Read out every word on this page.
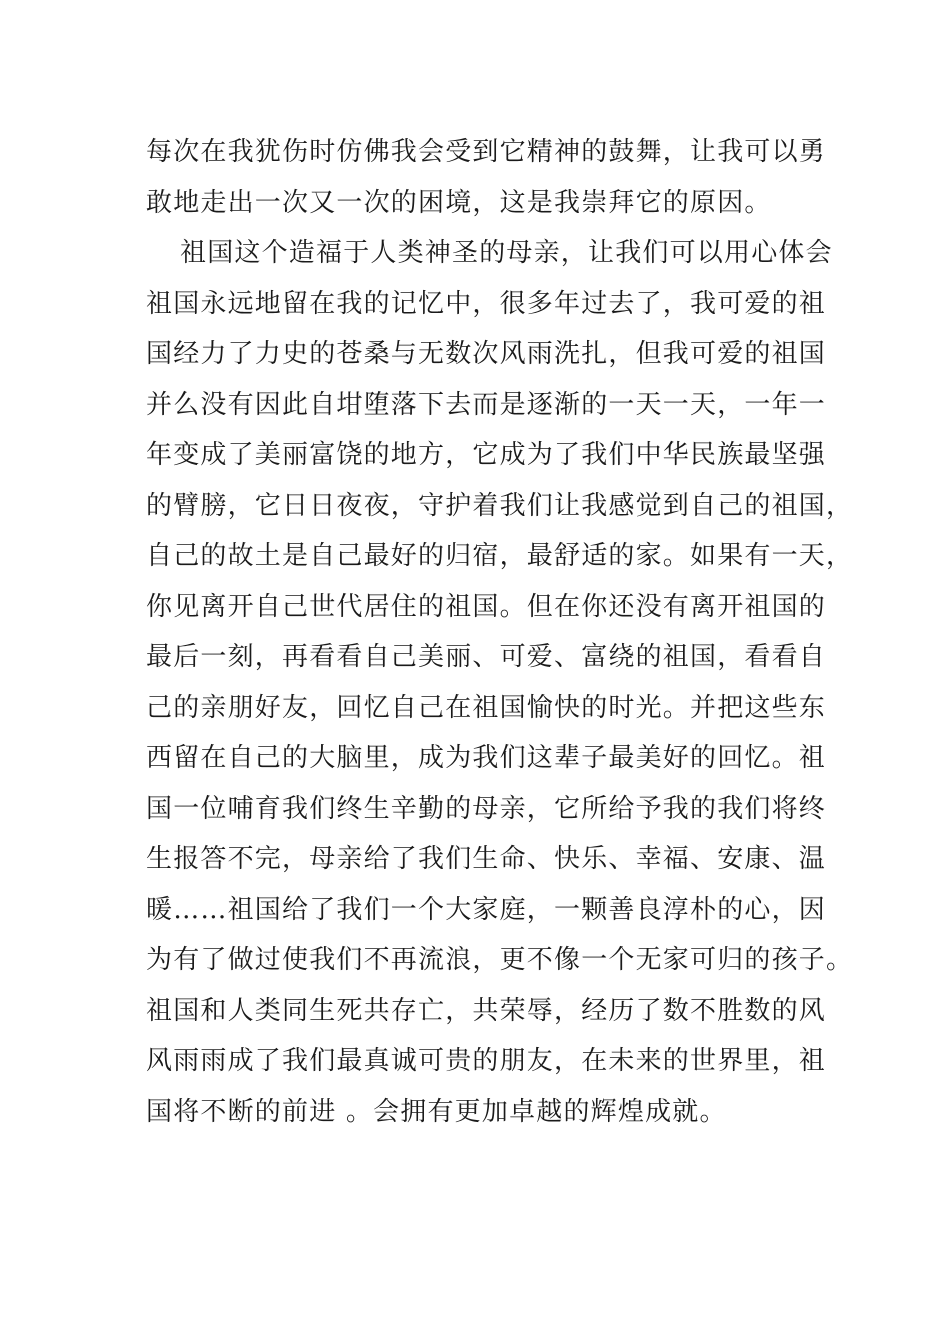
每次在我犹伤时仿佛我会受到它精神的鼓舞，让我可以勇
敢地走出一次又一次的困境，这是我崇拜它的原因。
祖国这个造福于人类神圣的母亲，让我们可以用心体会
祖国永远地留在我的记忆中，很多年过去了，我可爱的祖
国经力了力史的苍桑与无数次风雨洗扎，但我可爱的祖国
并么没有因此自坩堕落下去而是逐渐的一天一天，一年一
年变成了美丽富饶的地方，它成为了我们中华民族最坚强
的臂膀，它日日夜夜，守护着我们让我感觉到自己的祖国，
自己的故土是自己最好的归宿，最舒适的家。如果有一天，
你见离开自己世代居住的祖国。但在你还没有离开祖国的
最后一刻，再看看自己美丽、可爱、富绕的祖国，看看自
己的亲朋好友，回忆自己在祖国愉快的时光。并把这些东
西留在自己的大脑里，成为我们这辈子最美好的回忆。祖
国一位哺育我们终生辛勤的母亲，它所给予我的我们将终
生报答不完，母亲给了我们生命、快乐、幸福、安康、温
暖……祖国给了我们一个大家庭，一颗善良淳朴的心，因
为有了做过使我们不再流浪，更不像一个无家可归的孩子。
祖国和人类同生死共存亡，共荣辱，经历了数不胜数的风
风雨雨成了我们最真诚可贵的朋友，在未来的世界里，祖
国将不断的前进 。会拥有更加卓越的辉煌成就。
